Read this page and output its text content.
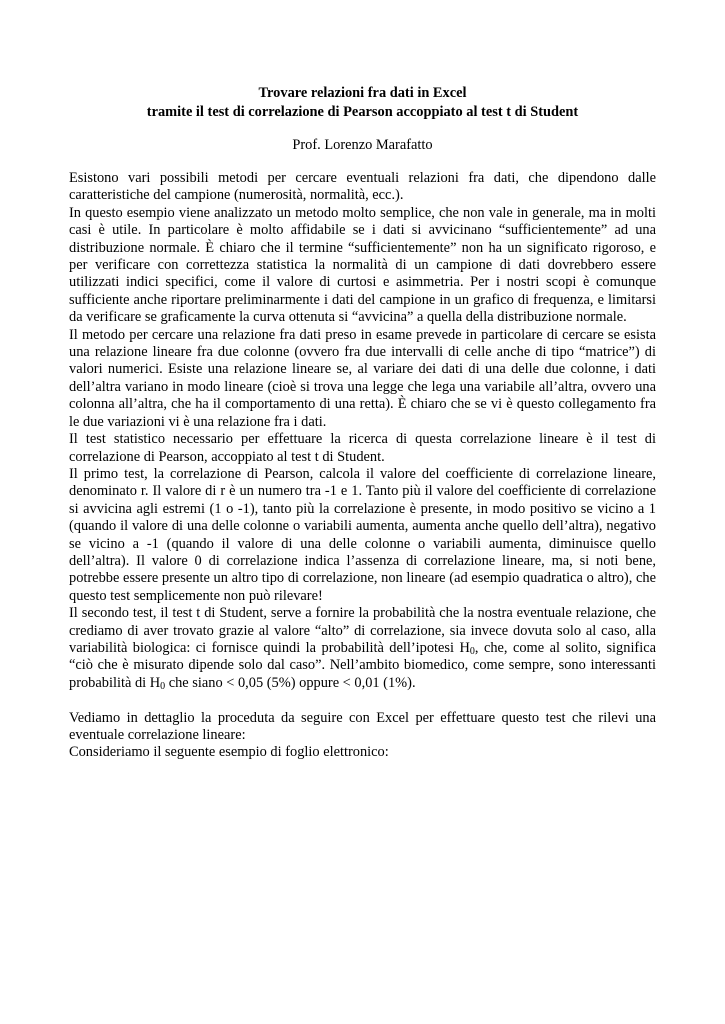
Trovare relazioni fra dati in Excel
tramite il test di correlazione di Pearson accoppiato al test t di Student
Prof. Lorenzo Marafatto

Esistono vari possibili metodi per cercare eventuali relazioni fra dati, che dipendono dalle caratteristiche del campione (numerosità, normalità, ecc.).

In questo esempio viene analizzato un metodo molto semplice, che non vale in generale, ma in molti casi è utile. In particolare è molto affidabile se i dati si avvicinano “sufficientemente” ad una distribuzione normale. È chiaro che il termine “sufficientemente” non ha un significato rigoroso, e per verificare con correttezza statistica la normalità di un campione di dati dovrebbero essere utilizzati indici specifici, come il valore di curtosi e asimmetria. Per i nostri scopi è comunque sufficiente anche riportare preliminarmente i dati del campione in un grafico di frequenza, e limitarsi da verificare se graficamente la curva ottenuta si “avvicina” a quella della distribuzione normale.

Il metodo per cercare una relazione fra dati preso in esame prevede in particolare di cercare se esista una relazione lineare fra due colonne (ovvero fra due intervalli di celle anche di tipo “matrice”) di valori numerici. Esiste una relazione lineare se, al variare dei dati di una delle due colonne, i dati dell’altra variano in modo lineare (cioè si trova una legge che lega una variabile all’altra, ovvero una colonna all’altra, che ha il comportamento di una retta). È chiaro che se vi è questo collegamento fra le due variazioni vi è una relazione fra i dati.

Il test statistico necessario per effettuare la ricerca di questa correlazione lineare è il test di correlazione di Pearson, accoppiato al test t di Student.

Il primo test, la correlazione di Pearson, calcola il valore del coefficiente di correlazione lineare, denominato r. Il valore di r è un numero tra -1 e 1. Tanto più il valore del coefficiente di correlazione si avvicina agli estremi (1 o -1), tanto più la correlazione è presente, in modo positivo se vicino a 1 (quando il valore di una delle colonne o variabili aumenta, aumenta anche quello dell’altra), negativo se vicino a -1 (quando il valore di una delle colonne o variabili aumenta, diminuisce quello dell’altra). Il valore 0 di correlazione indica l’assenza di correlazione lineare, ma, si noti bene, potrebbe essere presente un altro tipo di correlazione, non lineare (ad esempio quadratica o altro), che questo test semplicemente non può rilevare!

Il secondo test, il test t di Student, serve a fornire la probabilità che la nostra eventuale relazione, che crediamo di aver trovato grazie al valore “alto” di correlazione, sia invece dovuta solo al caso, alla variabilità biologica: ci fornisce quindi la probabilità dell’ipotesi $H_0$, che, come al solito, significa “ciò che è misurato dipende solo dal caso”. Nell’ambito biomedico, come sempre, sono interessanti probabilità di $H_0$ che siano < 0,05 (5%) oppure < 0,01 (1%).

Vediamo in dettaglio la proceduta da seguire con Excel per effettuare questo test che rilevi una eventuale correlazione lineare:

Consideriamo il seguente esempio di foglio elettronico:
